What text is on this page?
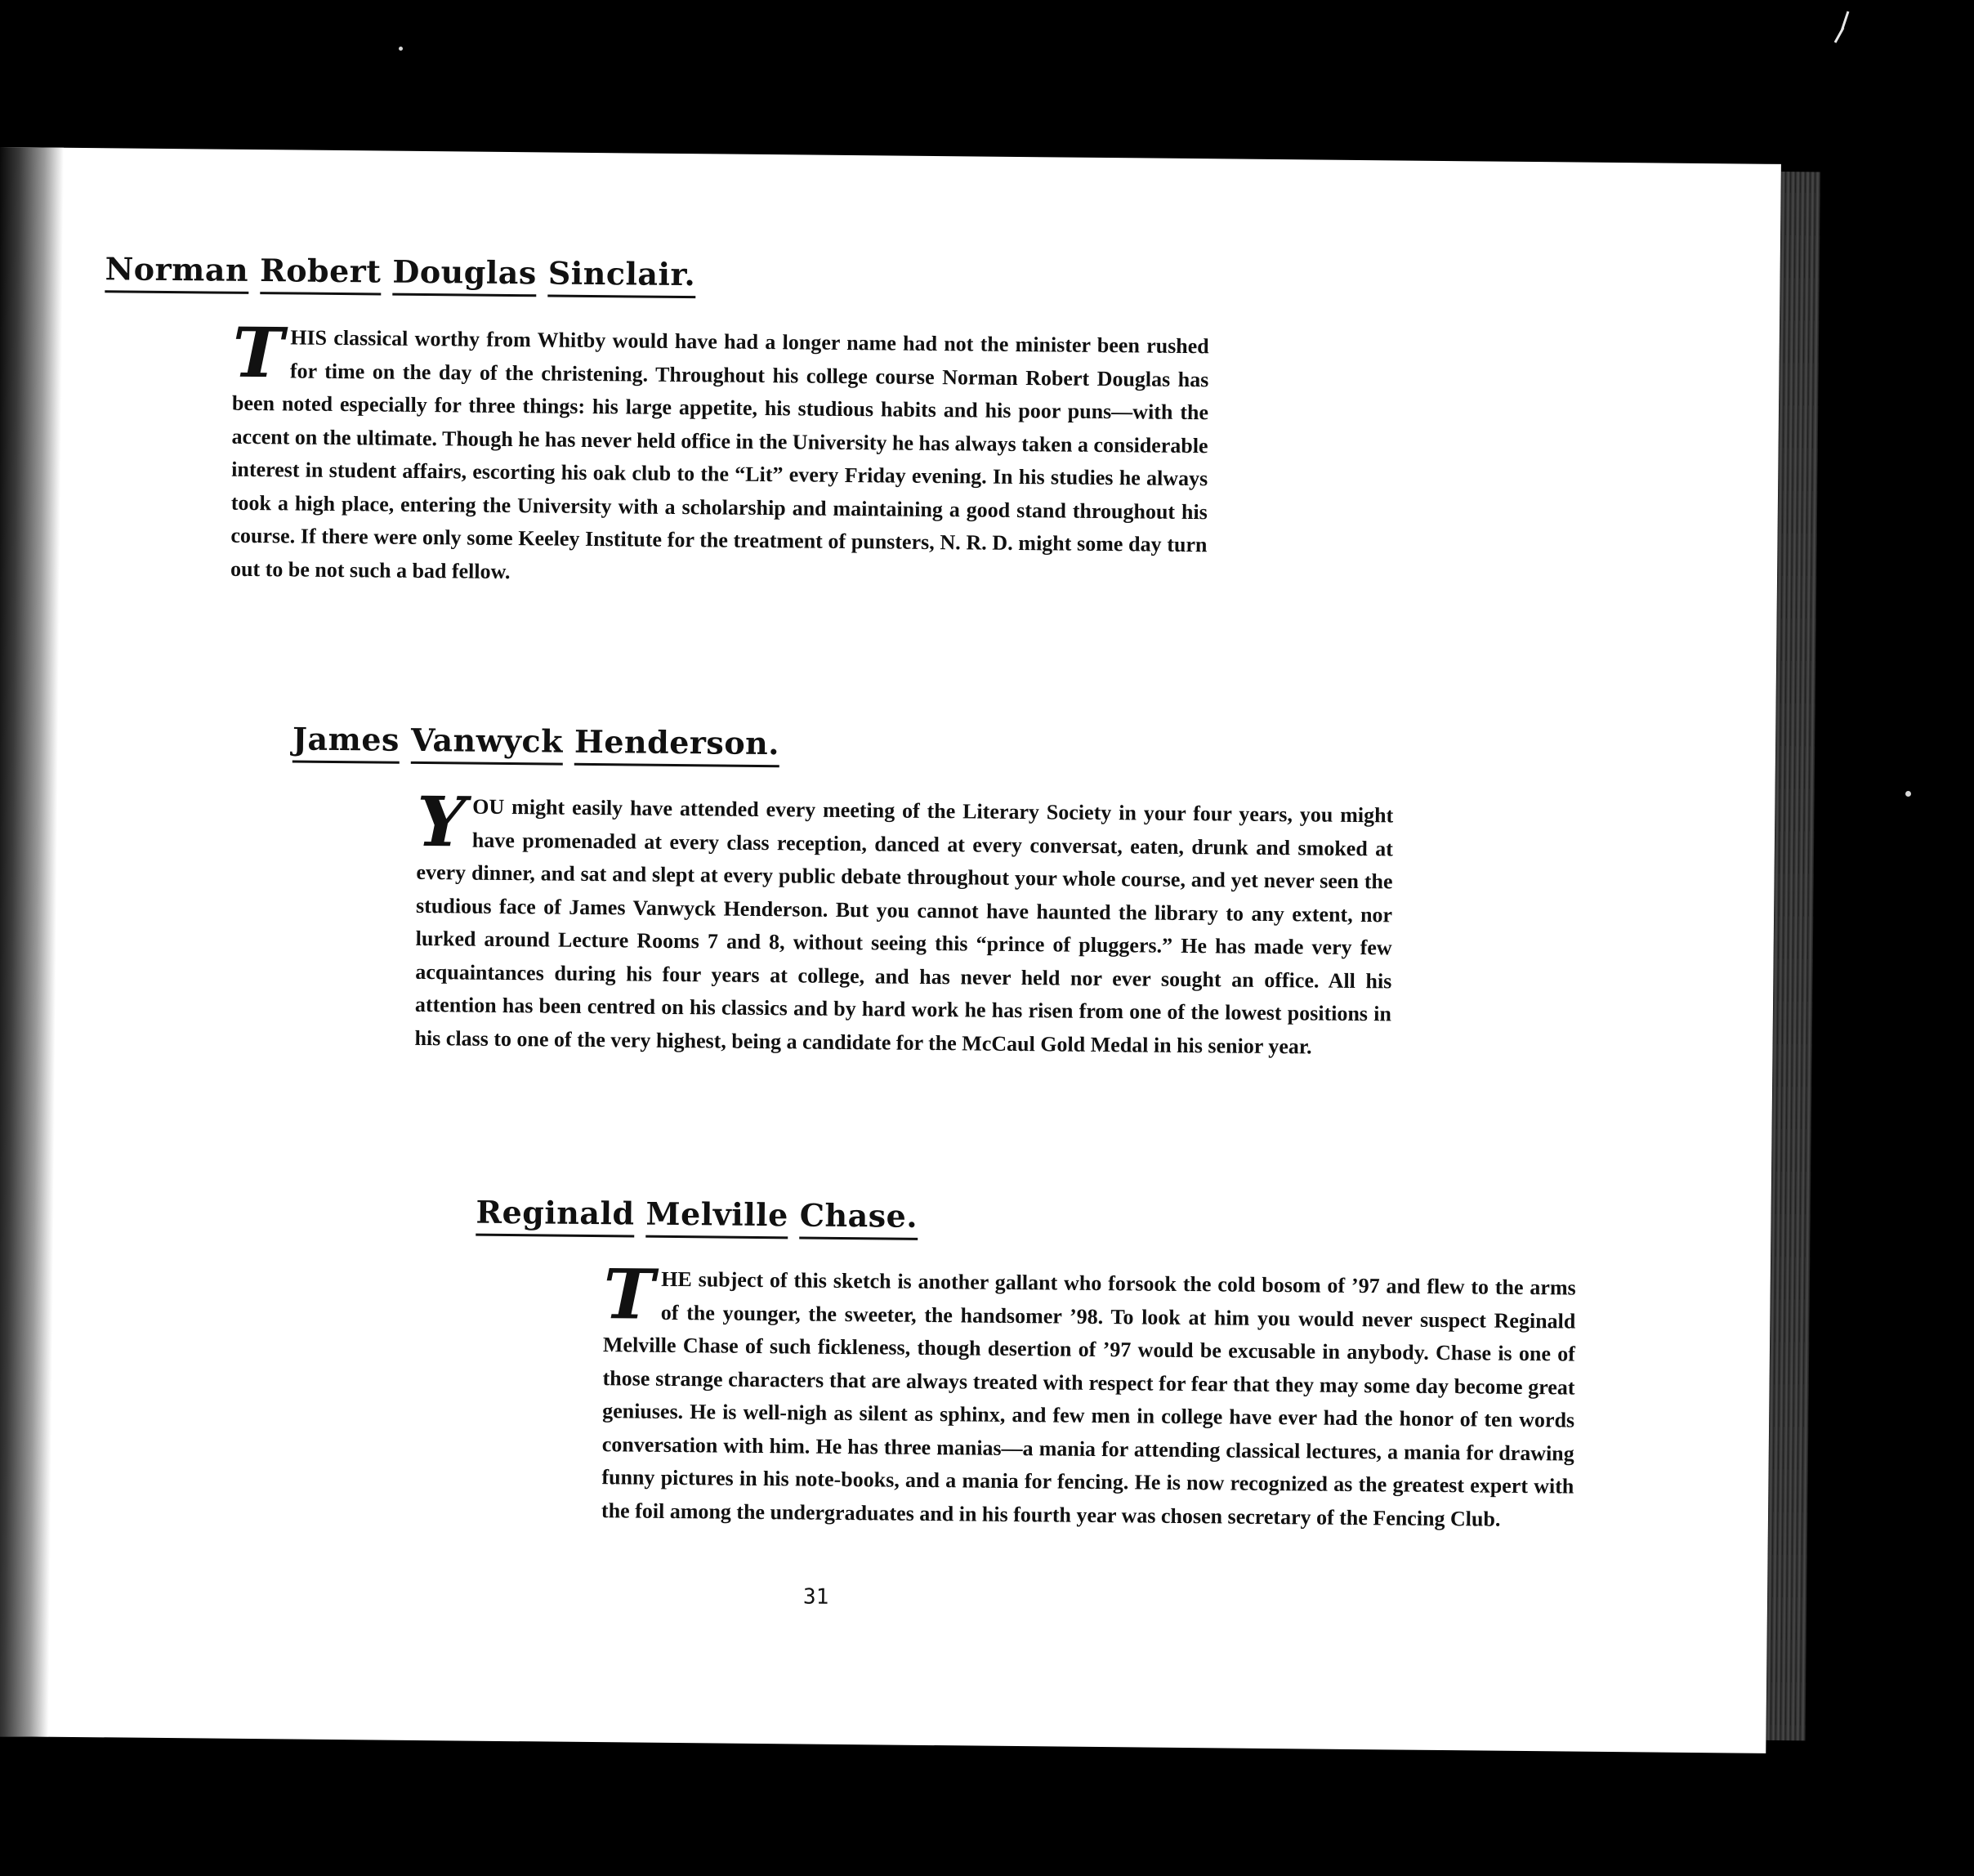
Norman Robert Douglas Sinclair.

THIS classical worthy from Whitby would have had a longer name had not the minister been rushed for time on the day of the christening. Throughout his college course Norman Robert Douglas has been noted especially for three things: his large appetite, his studious habits and his poor puns—with the accent on the ultimate. Though he has never held office in the University he has always taken a considerable interest in student affairs, escorting his oak club to the “Lit” every Friday evening. In his studies he always took a high place, entering the University with a scholarship and maintaining a good stand throughout his course. If there were only some Keeley Institute for the treatment of punsters, N. R. D. might some day turn out to be not such a bad fellow.

James Vanwyck Henderson.

YOU might easily have attended every meeting of the Literary Society in your four years, you might have promenaded at every class reception, danced at every conversat, eaten, drunk and smoked at every dinner, and sat and slept at every public debate throughout your whole course, and yet never seen the studious face of James Vanwyck Henderson. But you cannot have haunted the library to any extent, nor lurked around Lecture Rooms 7 and 8, without seeing this “prince of pluggers.” He has made very few acquaintances during his four years at college, and has never held nor ever sought an office. All his attention has been centred on his classics and by hard work he has risen from one of the lowest positions in his class to one of the very highest, being a candidate for the McCaul Gold Medal in his senior year.

Reginald Melville Chase.

THE subject of this sketch is another gallant who forsook the cold bosom of ’97 and flew to the arms of the younger, the sweeter, the handsomer ’98. To look at him you would never suspect Reginald Melville Chase of such fickleness, though desertion of ’97 would be excusable in anybody. Chase is one of those strange characters that are always treated with respect for fear that they may some day become great geniuses. He is well-nigh as silent as sphinx, and few men in college have ever had the honor of ten words conversation with him. He has three manias—a mania for attending classical lectures, a mania for drawing funny pictures in his note-books, and a mania for fencing. He is now recognized as the greatest expert with the foil among the undergraduates and in his fourth year was chosen secretary of the Fencing Club.

31
